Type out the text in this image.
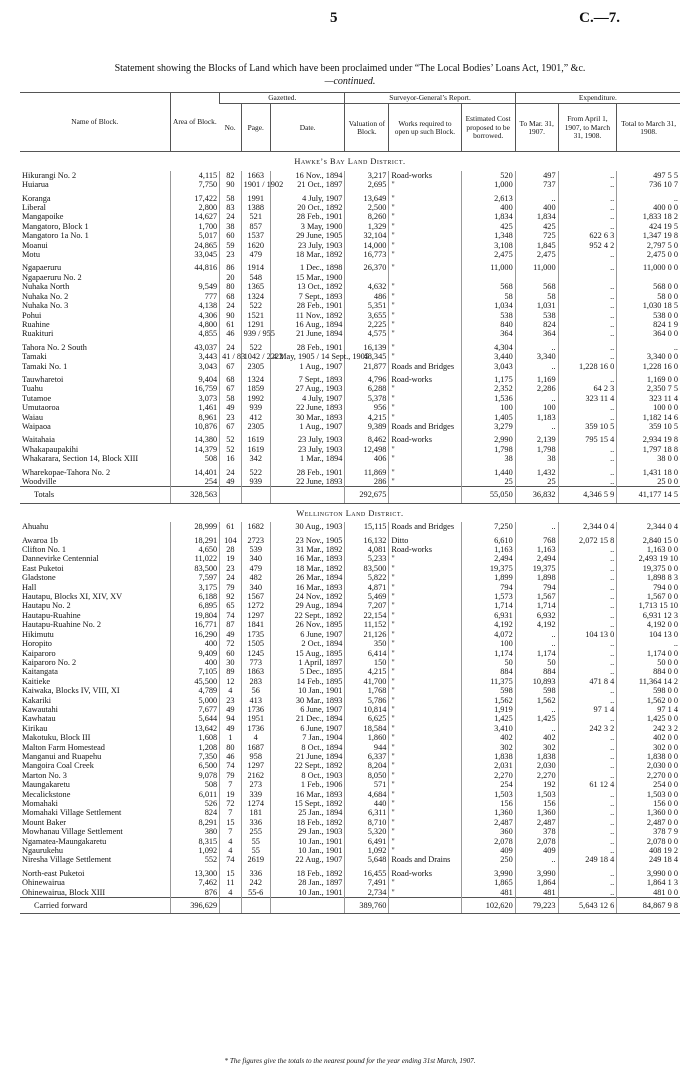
5	C.—7.
Statement showing the Blocks of Land which have been proclaimed under “The Local Bodies’ Loans Act, 1901,” &c.
—continued.
Name of Block.	Area of Block.	Gazetted.			Surveyor-General’s Report.			Expenditure.		
		No.	Page.	Date.	Valuation of Block.	Works required to open up such Block.	Estimated Cost proposed to be borrowed.	To Mar. 31, 1907.	From April 1, 1907, to March 31, 1908.	Total to March 31, 1908.
Hawke’s Bay Land District.										
Hikurangi No. 2	4,115	82	1663	16 Nov., 1894	3,217	Road-works	520	497	..	497 5 5
Huiarua	7,750	90	1901 / 1902	21 Oct., 1897	2,695	"	1,000	737	..	736 10 7

Koranga	17,422	58	1991	4 July, 1907	13,649	"	2,613	..	..	..
Liberal	2,800	83	1388	20 Oct., 1892	2,500	"	400	400	..	400 0 0
Mangapoike	14,627	24	521	28 Feb., 1901	8,260	"	1,834	1,834	..	1,833 18 2
Mangatoro, Block 1	1,700	38	857	3 May, 1900	1,329	"	425	425	..	424 19 5
Mangatoro 1a No. 1	5,017	60	1537	29 June, 1905	32,104	"	1,348	725	622 6 3	1,347 19 8
Moanui	24,865	59	1620	23 July, 1903	14,000	"	3,108	1,845	952 4 2	2,797 5 0
Motu	33,045	23	479	18 Mar., 1892	16,773	"	2,475	2,475	..	2,475 0 0

Ngapaeruru	44,816	86	1914	1 Dec., 1898	26,370	"	11,000	11,000	..	11,000 0 0
Ngapaeruru No. 2		20	548	15 Mar., 1900						
Nuhaka North	9,549	80	1365	13 Oct., 1892	4,632	"	568	568	..	568 0 0
Nuhaka No. 2	777	68	1324	7 Sept., 1893	486	"	58	58	..	58 0 0
Nuhaka No. 3	4,138	24	522	28 Feb., 1901	5,351	"	1,034	1,031	..	1,030 18 5
Pohui	4,306	90	1521	11 Nov., 1892	3,655	"	538	538	..	538 0 0
Ruahine	4,800	61	1291	16 Aug., 1894	2,225	"	840	824	..	824 1 9
Ruakituri	4,855	46	939 / 955	21 June, 1894	4,575	"	364	364	..	364 0 0

Tahora No. 2 South	43,037	24	522	28 Feb., 1901	16,139	"	4,304	..	..	..
Tamaki	3,443	41 / 83	1042 / 2222	4 May, 1905 / 14 Sept., 1905	48,345	"	3,440	3,340	..	3,340 0 0
Tamaki No. 1	3,043	67	2305	1 Aug., 1907	21,877	Roads and Bridges	3,043	..	1,228 16 0	1,228 16 0

Tauwharetoi	9,404	68	1324	7 Sept., 1893	4,796	Road-works	1,175	1,169	..	1,169 0 0
Tuahu	16,759	67	1859	27 Aug., 1903	6,288	"	2,352	2,286	64 2 3	2,350 7 5
Tutamoe	3,073	58	1992	4 July, 1907	5,378	"	1,536	..	323 11 4	323 11 4
Umutaoroa	1,461	49	939	22 June, 1893	956	"	100	100	..	100 0 0
Waiau	8,961	23	412	30 Mar., 1893	4,215	"	1,405	1,183	..	1,182 14 6
Waipaoa	10,876	67	2305	1 Aug., 1907	9,389	Roads and Bridges	3,279	..	359 10 5	359 10 5

Waitahaia	14,380	52	1619	23 July, 1903	8,462	Road-works	2,990	2,139	795 15 4	2,934 19 8
Whakapaupakihi	14,379	52	1619	23 July, 1903	12,498	"	1,798	1,798	..	1,797 18 8
Whakarara, Section 14, Block XIII	508	16	342	1 Mar., 1894	406	"	38	38	..	38 0 0

Wharekopae-Tahora No. 2	14,401	24	522	28 Feb., 1901	11,869	"	1,440	1,432	..	1,431 18 0
Woodville	254	49	939	22 June, 1893	286	"	25	25	..	25 0 0
Totals	328,563				292,675		55,050	36,832	4,346 5 9	41,177 14 5
Wellington Land District.										
Ahuahu	28,999	61	1682	30 Aug., 1903	15,115	Roads and Bridges	7,250	..	2,344 0 4	2,344 0 4

Awaroa 1b	18,291	104	2723	23 Nov., 1905	16,132	Ditto	6,610	768	2,072 15 8	2,840 15 0
Clifton No. 1	4,650	28	539	31 Mar., 1892	4,081	Road-works	1,163	1,163	..	1,163 0 0
Dannevirke Centennial	11,022	19	340	16 Mar., 1893	5,233	"	2,494	2,494	..	2,493 19 10
East Puketoi	83,500	23	479	18 Mar., 1892	83,500	"	19,375	19,375	..	19,375 0 0
Gladstone	7,597	24	482	26 Mar., 1894	5,822	"	1,899	1,898	..	1,898 8 3
Hall	3,175	79	340	16 Mar., 1893	4,871	"	794	794	..	794 0 0
Hautapu, Blocks XI, XIV, XV	6,188	92	1567	24 Nov., 1892	5,469	"	1,573	1,567	..	1,567 0 0
Hautapu No. 2	6,895	65	1272	29 Aug., 1894	7,207	"	1,714	1,714	..	1,713 15 10
Hautapu-Ruahine	19,804	74	1297	22 Sept., 1892	22,154	"	6,931	6,932	..	6,931 12 3
Hautapu-Ruahine No. 2	16,771	87	1841	26 Nov., 1895	11,152	"	4,192	4,192	..	4,192 0 0
Hikimutu	16,290	49	1735	6 June, 1907	21,126	"	4,072	..	104 13 0	104 13 0
Horopito	400	72	1505	2 Oct., 1894	350	"	100	..	..	..
Kaiparoro	9,409	60	1245	15 Aug., 1895	6,414	"	1,174	1,174	..	1,174 0 0
Kaiparoro No. 2	400	30	773	1 April, 1897	150	"	50	50	..	50 0 0
Kaitangata	7,105	89	1863	5 Dec., 1895	4,215	"	884	884	..	884 0 0
Kaitieke	45,500	12	283	14 Feb., 1895	41,700	"	11,375	10,893	471 8 4	11,364 14 2
Kaiwaka, Blocks IV, VIII, XI	4,789	4	56	10 Jan., 1901	1,768	"	598	598	..	598 0 0
Kakariki	5,000	23	413	30 Mar., 1893	5,786	"	1,562	1,562	..	1,562 0 0
Kawautahi	7,677	49	1736	6 June, 1907	10,814	"	1,919	..	97 1 4	97 1 4
Kawhatau	5,644	94	1951	21 Dec., 1894	6,625	"	1,425	1,425	..	1,425 0 0
Kirikau	13,642	49	1736	6 June, 1907	18,584	"	3,410	..	242 3 2	242 3 2
Makotuku, Block III	1,608	1	4	7 Jan., 1904	1,860	"	402	402	..	402 0 0
Malton Farm Homestead	1,208	80	1687	8 Oct., 1894	944	"	302	302	..	302 0 0
Manganui and Ruapehu	7,350	46	958	21 June, 1894	6,337	"	1,838	1,838	..	1,838 0 0
Mangoira Coal Creek	6,500	74	1297	22 Sept., 1892	8,204	"	2,031	2,030	..	2,030 0 0
Marton No. 3	9,078	79	2162	8 Oct., 1903	8,050	"	2,270	2,270	..	2,270 0 0
Maungakaretu	508	7	273	1 Feb., 1906	571	"	254	192	61 12 4	254 0 0
Mecalickstone	6,011	19	339	16 Mar., 1893	4,684	"	1,503	1,503	..	1,503 0 0
Momahaki	526	72	1274	15 Sept., 1892	440	"	156	156	..	156 0 0
Momahaki Village Settlement	824	7	181	25 Jan., 1894	6,311	"	1,360	1,360	..	1,360 0 0
Mount Baker	8,291	15	336	18 Feb., 1892	8,710	"	2,487	2,487	..	2,487 0 0
Mowhanau Village Settlement	380	7	255	29 Jan., 1903	5,320	"	360	378	..	378 7 9
Ngamatea-Maungakaretu	8,315	4	55	10 Jan., 1901	6,491	"	2,078	2,078	..	2,078 0 0
Ngaurukehu	1,092	4	55	10 Jan., 1901	1,092	"	409	409	..	408 19 2
Niresha Village Settlement	552	74	2619	22 Aug., 1907	5,648	Roads and Drains	250	..	249 18 4	249 18 4

North-east Puketoi	13,300	15	336	18 Feb., 1892	16,455	Road-works	3,990	3,990	..	3,990 0 0
Ohinewairua	7,462	11	242	28 Jan., 1897	7,491	"	1,865	1,864	..	1,864 1 3
Ohinewairua, Block XIII	876	4	55-6	10 Jan., 1901	2,734	"	481	481	..	481 0 0
Carried forward	396,629				389,760		102,620	79,223	5,643 12 6	84,867 9 8
* The figures give the totals to the nearest pound for the year ending 31st March, 1907.
